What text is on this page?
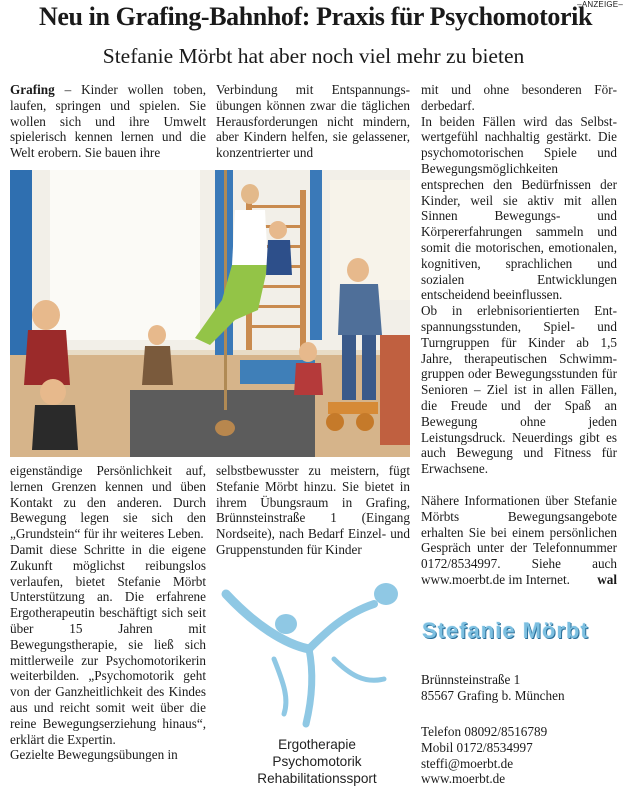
–ANZEIGE–
Neu in Grafing-Bahnhof: Praxis für Psychomotorik
Stefanie Mörbt hat aber noch viel mehr zu bieten

Grafing – Kinder wollen toben, laufen, springen und spielen. Sie wollen sich und ihre Umwelt spielerisch kennen lernen und die Welt erobern. Sie bauen ihre

Verbindung mit Entspannungsübungen können zwar die täglichen Herausforderungen nicht mindern, aber Kindern helfen, sie gelassener, konzentrierter und

mit und ohne besonderen Förderbedarf.

In beiden Fällen wird das Selbstwertgefühl nachhaltig gestärkt. Die psychomotorischen Spiele und Bewegungsmöglichkeiten entsprechen den Bedürfnissen der Kinder, weil sie aktiv mit allen Sinnen Bewegungs- und Körpererfahrungen sammeln und somit die motorischen, emotionalen, kognitiven, sprachlichen und sozialen Entwicklungen entscheidend beeinflussen.

Ob in erlebnisorientierten Entspannungsstunden, Spiel- und Turngruppen für Kinder ab 1,5 Jahre, therapeutischen Schwimmgruppen oder Bewegungsstunden für Senioren – Ziel ist in allen Fällen, die Freude und der Spaß an Bewegung ohne jeden Leistungsdruck. Neuerdings gibt es auch Bewegung und Fitness für Erwachsene.

eigenständige Persönlichkeit auf, lernen Grenzen kennen und üben Kontakt zu den anderen. Durch Bewegung legen sie sich den „Grundstein“ für ihr weiteres Leben.

Damit diese Schritte in die eigene Zukunft möglichst reibungslos verlaufen, bietet Stefanie Mörbt Unterstützung an. Die erfahrene Ergotherapeutin beschäftigt sich seit über 15 Jahren mit Bewegungstherapie, sie ließ sich mittlerweile zur Psychomotorikerin weiterbilden. „Psychomotorik geht von der Ganzheitlichkeit des Kindes aus und reicht somit weit über die reine Bewegungserziehung hinaus“, erklärt die Expertin.

Gezielte Bewegungsübungen in

selbstbewusster zu meistern, fügt Stefanie Mörbt hinzu. Sie bietet in ihrem Übungsraum in Grafing, Brünnsteinstraße 1 (Eingang Nordseite), nach Bedarf Einzel- und Gruppenstunden für Kinder

Nähere Informationen über Stefanie Mörbts Bewegungsangebote erhalten Sie bei einem persönlichen Gespräch unter der Telefonnummer 0172/8534997. Siehe auch www.moerbt.de im Internet. wal

Ergotherapie
Psychomotorik
Rehabilitationssport
Stefanie Mörbt
Brünnsteinstraße 1
85567 Grafing b. München
Telefon 08092/8516789
Mobil 0172/8534997
steffi@moerbt.de
www.moerbt.de
